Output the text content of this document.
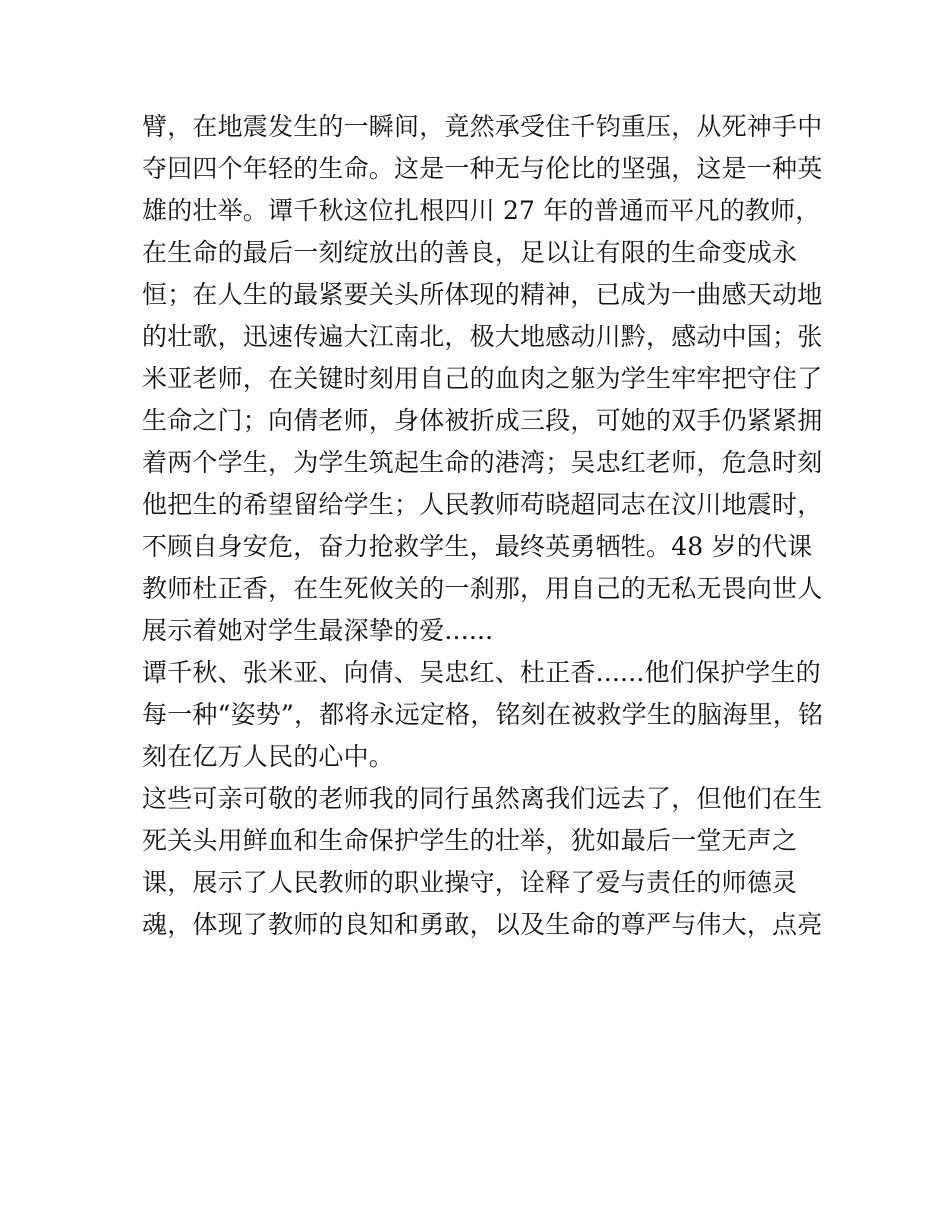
臂，在地震发生的一瞬间，竟然承受住千钧重压，从死神手中
夺回四个年轻的生命。这是一种无与伦比的坚强，这是一种英
雄的壮举。谭千秋这位扎根四川 27 年的普通而平凡的教师，
在生命的最后一刻绽放出的善良，足以让有限的生命变成永
恒；在人生的最紧要关头所体现的精神，已成为一曲感天动地
的壮歌，迅速传遍大江南北，极大地感动川黔，感动中国；张
米亚老师，在关键时刻用自己的血肉之躯为学生牢牢把守住了
生命之门；向倩老师，身体被折成三段，可她的双手仍紧紧拥
着两个学生，为学生筑起生命的港湾；吴忠红老师，危急时刻
他把生的希望留给学生；人民教师苟晓超同志在汶川地震时，
不顾自身安危，奋力抢救学生，最终英勇牺牲。48 岁的代课
教师杜正香，在生死攸关的一刹那，用自己的无私无畏向世人
展示着她对学生最深挚的爱......
谭千秋、张米亚、向倩、吴忠红、杜正香......他们保护学生的
每一种“姿势”，都将永远定格，铭刻在被救学生的脑海里，铭
刻在亿万人民的心中。
这些可亲可敬的老师我的同行虽然离我们远去了，但他们在生
死关头用鲜血和生命保护学生的壮举，犹如最后一堂无声之
课，展示了人民教师的职业操守，诠释了爱与责任的师德灵
魂，体现了教师的良知和勇敢，以及生命的尊严与伟大，点亮
